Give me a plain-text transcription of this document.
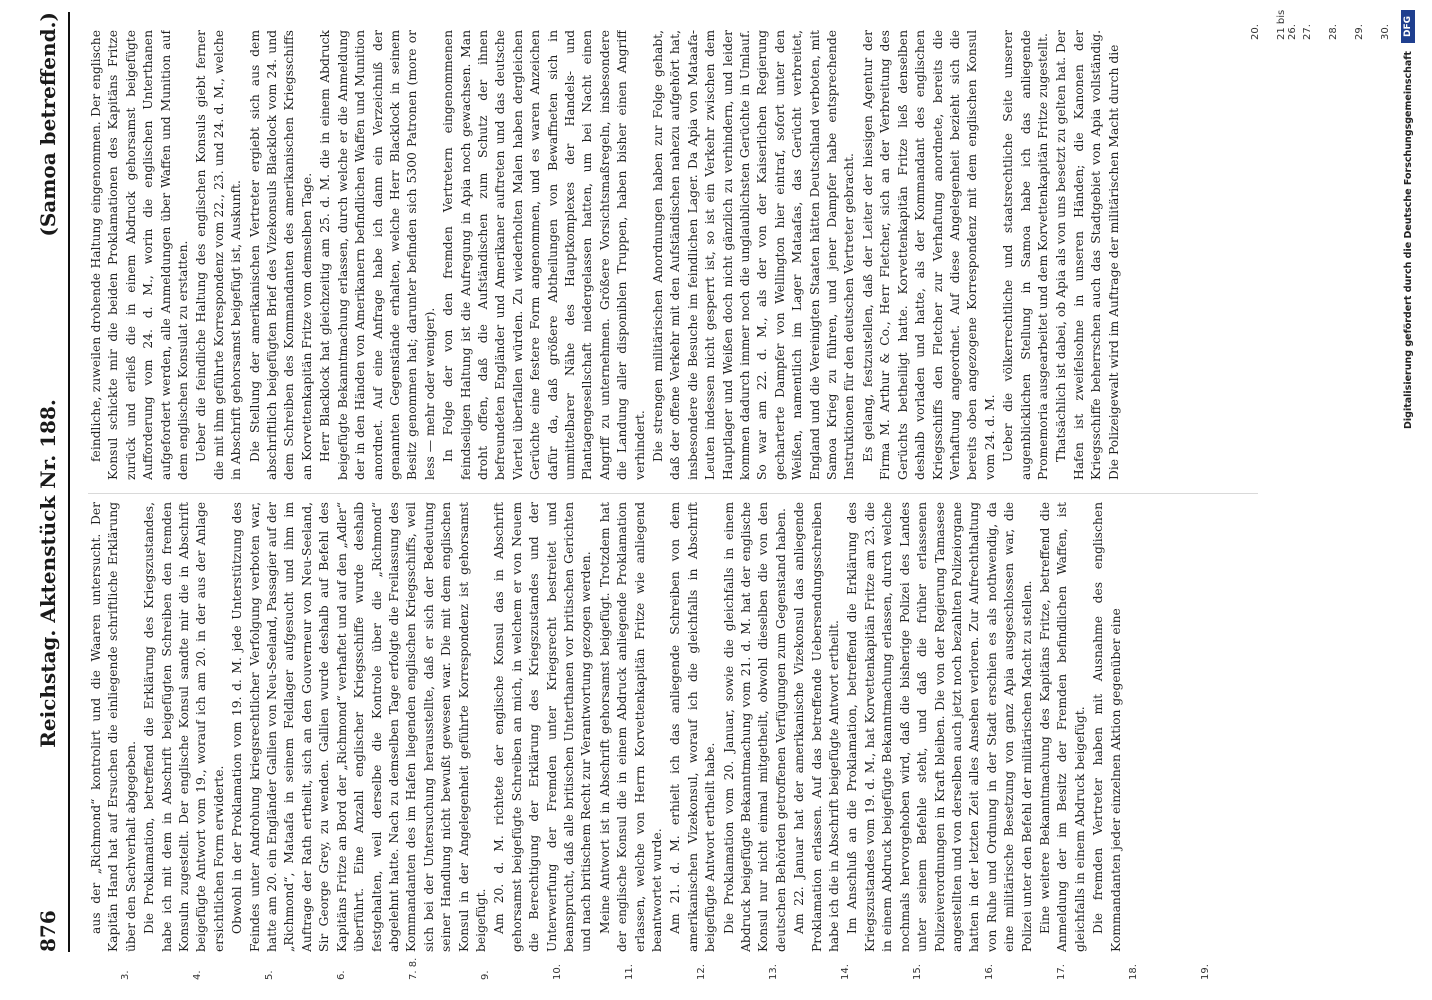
876
Reichstag. Aktenstück Nr. 188.
(Samoa betreffend.)

aus der „Richmond“ kontrolirt und die Waaren untersucht. Der Kapitän Hand hat auf Ersuchen die einliegende schriftliche Erklärung über den Sachverhalt abgegeben. Die Proklamation, betreffend die Erklärung des Kriegszustandes, habe ich mit dem in Abschrift beigefügten Schreiben den fremden Konsuln zugestellt. Der englische Konsul sandte mir die in Abschrift beigefügte Antwort vom 19., worauf ich am 20. in der aus der Anlage ersichtlichen Form erwiderte. Obwohl in der Proklamation vom 19. d. M. jede Unterstützung des Feindes unter Androhung kriegsrechtlicher Verfolgung verboten war, hatte am 20. ein Engländer Gallien von Neu-Seeland, Passagier auf der „Richmond“, Mataafa in seinem Feldlager aufgesucht und ihm im Auftrage der Rath ertheilt, sich an den Gouverneur von Neu-Seeland, Sir George Grey, zu wenden. Gallien wurde deshalb auf Befehl des Kapitäns Fritze an Bord der „Richmond“ verhaftet und auf den „Adler“ überführt. Eine Anzahl englischer Kriegsschiffe wurde deshalb festgehalten, weil derselbe die Kontrole über die „Richmond“ abgelehnt hatte. Nach zu demselben Tage erfolgte die Freilassung des Kommandanten des im Hafen liegenden englischen Kriegsschiffs, weil sich bei der Untersuchung herausstellte, daß er sich der Bedeutung seiner Handlung nicht bewußt gewesen war. Die mit dem englischen Konsul in der Angelegenheit geführte Korrespondenz ist gehorsamst beigefügt. Am 20. d. M. richtete der englische Konsul das in Abschrift gehorsamst beigefügte Schreiben an mich, in welchem er von Neuem die Berechtigung der Erklärung des Kriegszustandes und der Unterwerfung der Fremden unter Kriegsrecht bestreitet und beansprucht, daß alle britischen Unterthanen vor britischen Gerichten und nach britischem Recht zur Verantwortung gezogen werden. Meine Antwort ist in Abschrift gehorsamst beigefügt. Trotzdem hat der englische Konsul die in einem Abdruck anliegende Proklamation erlassen, welche von Herrn Korvettenkapitän Fritze wie anliegend beantwortet wurde. Am 21. d. M. erhielt ich das anliegende Schreiben von dem amerikanischen Vizekonsul, worauf ich die gleichfalls in Abschrift beigefügte Antwort ertheilt habe. Die Proklamation vom 20. Januar, sowie die gleichfalls in einem Abdruck beigefügte Bekanntmachung vom 21. d. M. hat der englische Konsul nur nicht einmal mitgetheilt, obwohl dieselben die von den deutschen Behörden getroffenen Verfügungen zum Gegenstand haben. Am 22. Januar hat der amerikanische Vizekonsul das anliegende Proklamation erlassen. Auf das betreffende Uebersendungsschreiben habe ich die in Abschrift beigefügte Antwort ertheilt. Im Anschluß an die Proklamation, betreffend die Erklärung des Kriegszustandes vom 19. d. M., hat Korvettenkapitän Fritze am 23. die in einem Abdruck beigefügte Bekanntmachung erlassen, durch welche nochmals hervorgehoben wird, daß die bisherige Polizei des Landes unter seinem Befehle steht, und daß die früher erlassenen Polizeiverordnungen in Kraft bleiben. Die von der Regierung Tamasese angestellten und von derselben auch jetzt noch bezahlten Polizeiorgane hatten in der letzten Zeit alles Ansehen verloren. Zur Aufrechthaltung von Ruhe und Ordnung in der Stadt erschien es als nothwendig, da eine militärische Besetzung von ganz Apia ausgeschlossen war, die Polizei unter den Befehl der militärischen Macht zu stellen. Eine weitere Bekanntmachung des Kapitäns Fritze, betreffend die Anmeldung der im Besitz der Fremden befindlichen Waffen, ist gleichfalls in einem Abdruck beigefügt. Die fremden Vertreter haben mit Ausnahme des englischen Kommandanten jeder einzelnen Aktion gegenüber eine

feindliche, zuweilen drohende Haltung eingenommen. Der englische Konsul schickte mir die beiden Proklamationen des Kapitäns Fritze zurück und erließ die in einem Abdruck gehorsamst beigefügte Aufforderung vom 24. d. M., worin die englischen Unterthanen aufgefordert werden, alle Anmeldungen über Waffen und Munition auf dem englischen Konsulat zu erstatten. Ueber die feindliche Haltung des englischen Konsuls giebt ferner die mit ihm geführte Korrespondenz vom 22., 23. und 24. d. M., welche in Abschrift gehorsamst beigefügt ist, Auskunft. Die Stellung der amerikanischen Vertreter ergiebt sich aus dem abschriftlich beigefügten Brief des Vizekonsuls Blacklock vom 24. und dem Schreiben des Kommandanten des amerikanischen Kriegsschiffs an Korvettenkapitän Fritze vom demselben Tage. Herr Blacklock hat gleichzeitig am 25. d. M. die in einem Abdruck beigefügte Bekanntmachung erlassen, durch welche er die Anmeldung der in den Händen von Amerikanern befindlichen Waffen und Munition anordnet. Auf eine Anfrage habe ich dann ein Verzeichniß der genannten Gegenstände erhalten, welche Herr Blacklock in seinem Besitz genommen hat; darunter befinden sich 5300 Patronen (more or less — mehr oder weniger). In Folge der von den fremden Vertretern eingenommenen feindseligen Haltung ist die Aufregung in Apia noch gewachsen. Man droht offen, daß die Aufständischen zum Schutz der ihnen befreundeten Engländer und Amerikaner auftreten und das deutsche Viertel überfallen würden. Zu wiederholten Malen haben dergleichen Gerüchte eine festere Form angenommen, und es waren Anzeichen dafür da, daß größere Abtheilungen von Bewaffneten sich in unmittelbarer Nähe des Hauptkomplexes der Handels- und Plantagengesellschaft niedergelassen hatten, um bei Nacht einen Angriff zu unternehmen. Größere Vorsichtsmaßregeln, insbesondere die Landung aller disponiblen Truppen, haben bisher einen Angriff verhindert. Die strengen militärischen Anordnungen haben zur Folge gehabt, daß der offene Verkehr mit den Aufständischen nahezu aufgehört hat, insbesondere die Besuche im feindlichen Lager. Da Apia von Mataafa-Leuten indessen nicht gesperrt ist, so ist ein Verkehr zwischen dem Hauptlager und Weißen doch nicht gänzlich zu verhindern, und leider kommen dadurch immer noch die unglaublichsten Gerüchte in Umlauf. So war am 22. d. M., als der von der Kaiserlichen Regierung gecharterte Dampfer von Wellington hier eintraf, sofort unter den Weißen, namentlich im Lager Mataafas, das Gerücht verbreitet, England und die Vereinigten Staaten hätten Deutschland verboten, mit Samoa Krieg zu führen, und jener Dampfer habe entsprechende Instruktionen für den deutschen Vertreter gebracht. Es gelang, festzustellen, daß der Leiter der hiesigen Agentur der Firma M. Arthur & Co., Herr Fletcher, sich an der Verbreitung des Gerüchts betheiligt hatte. Korvettenkapitän Fritze ließ denselben deshalb vorladen und hatte, als der Kommandant des englischen Kriegsschiffs den Fletcher zur Verhaftung anordnete, bereits die Verhaftung angeordnet. Auf diese Angelegenheit bezieht sich die bereits oben angezogene Korrespondenz mit dem englischen Konsul vom 24. d. M. Ueber die völkerrechtliche und staatsrechtliche Seite unserer augenblicklichen Stellung in Samoa habe ich das anliegende Promemoria ausgearbeitet und dem Korvettenkapitän Fritze zugestellt. Thatsächlich ist dabei, ob Apia als von uns besetzt zu gelten hat. Der Hafen ist zweifelsohne in unseren Händen; die Kanonen der Kriegsschiffe beherrschen auch das Stadtgebiet von Apia vollständig. Die Polizeigewalt wird im Auftrage der militärischen Macht durch die

3.	4.	5.	6.	7. 8.	9.	10.	11.	12.	13.	14.	15.	16.	17.	18.	19.
20. 21 bis 26. 27. 28. 29. 30.
Digitalisierung gefördert durch die Deutsche Forschungsgemeinschaft
DFG
